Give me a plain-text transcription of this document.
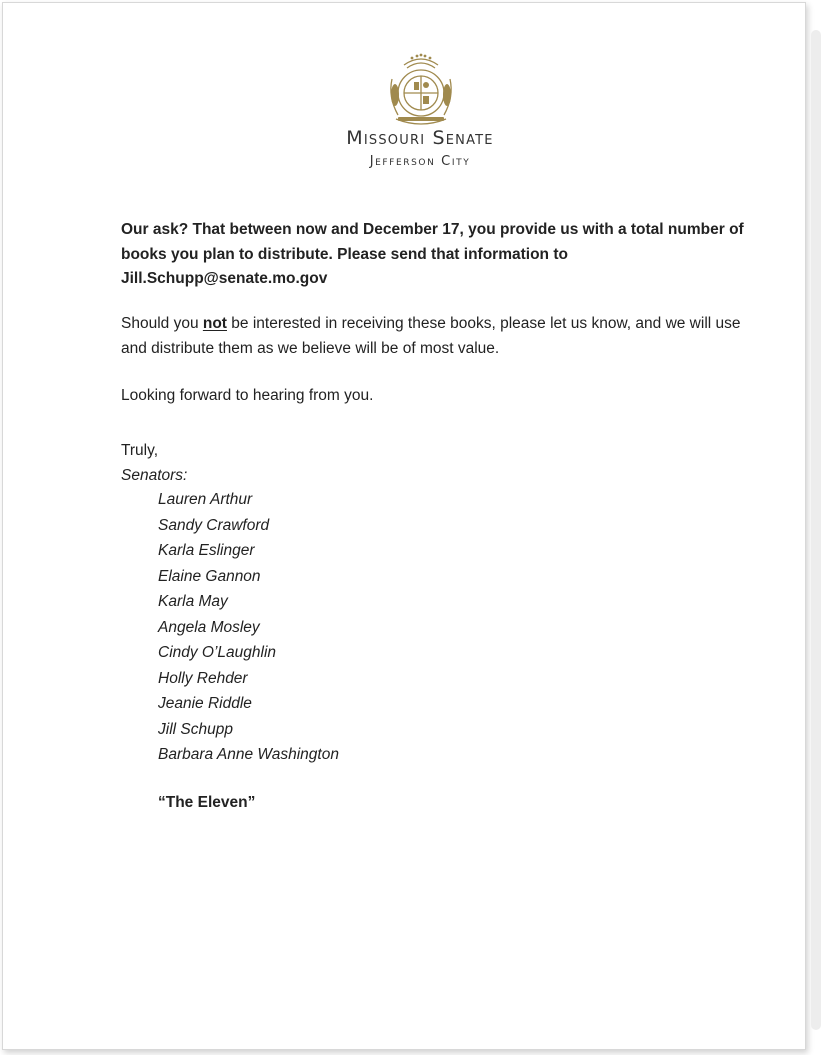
Missouri Senate
Jefferson City

Our ask? That between now and December 17, you provide us with a total number of books you plan to distribute. Please send that information to Jill.Schupp@senate.mo.gov

Should you not be interested in receiving these books, please let us know, and we will use and distribute them as we believe will be of most value.

Looking forward to hearing from you.

Truly,

Senators:

Lauren Arthur
Sandy Crawford
Karla Eslinger
Elaine Gannon
Karla May
Angela Mosley
Cindy O’Laughlin
Holly Rehder
Jeanie Riddle
Jill Schupp
Barbara Anne Washington
“The Eleven”
